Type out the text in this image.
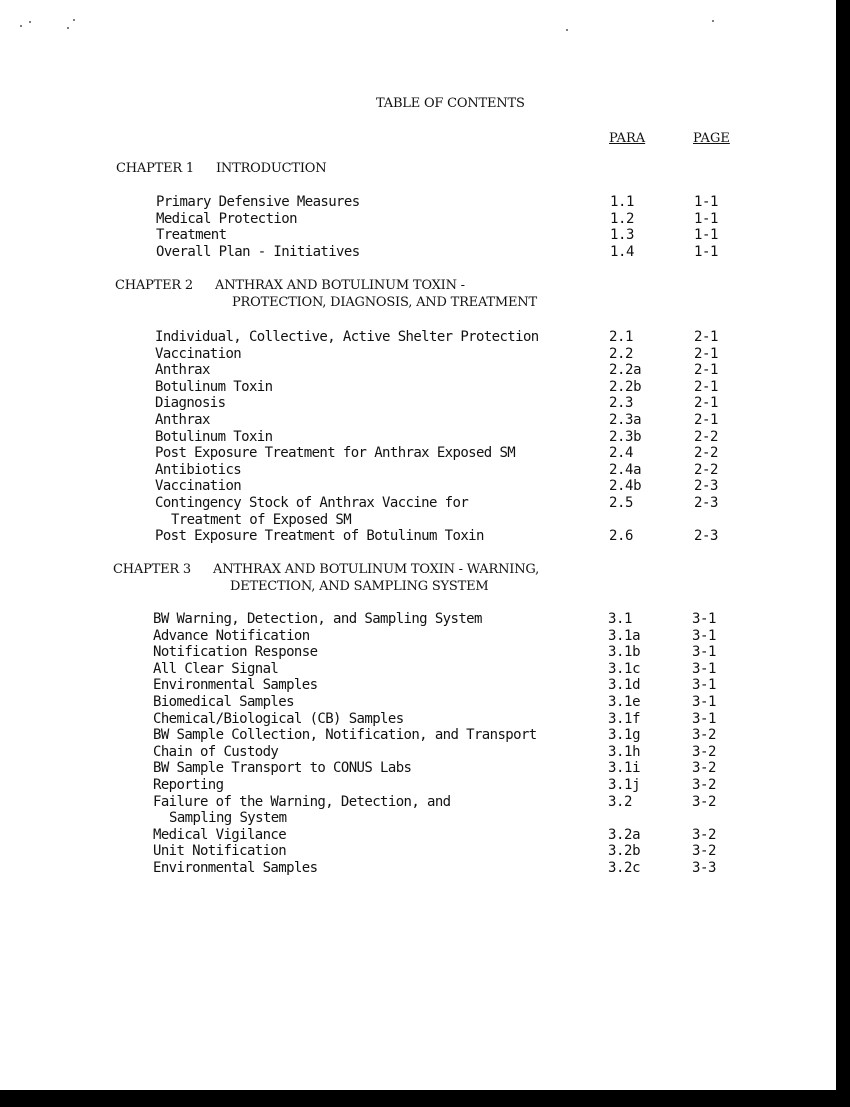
TABLE OF CONTENTS
PARA	PAGE
CHAPTER 1 INTRODUCTION
Primary Defensive Measures	1.1	1-1
Medical Protection	1.2	1-1
Treatment	1.3	1-1
Overall Plan - Initiatives	1.4	1-1
CHAPTER 2 ANTHRAX AND BOTULINUM TOXIN -
PROTECTION, DIAGNOSIS, AND TREATMENT
Individual, Collective, Active Shelter Protection	2.1	2-1
Vaccination	2.2	2-1
Anthrax	2.2a	2-1
Botulinum Toxin	2.2b	2-1
Diagnosis	2.3	2-1
Anthrax	2.3a	2-1
Botulinum Toxin	2.3b	2-2
Post Exposure Treatment for Anthrax Exposed SM	2.4	2-2
Antibiotics	2.4a	2-2
Vaccination	2.4b	2-3
Contingency Stock of Anthrax Vaccine for	2.5	2-3
Treatment of Exposed SM
Post Exposure Treatment of Botulinum Toxin	2.6	2-3
CHAPTER 3 ANTHRAX AND BOTULINUM TOXIN - WARNING,
DETECTION, AND SAMPLING SYSTEM
BW Warning, Detection, and Sampling System	3.1	3-1
Advance Notification	3.1a	3-1
Notification Response	3.1b	3-1
All Clear Signal	3.1c	3-1
Environmental Samples	3.1d	3-1
Biomedical Samples	3.1e	3-1
Chemical/Biological (CB) Samples	3.1f	3-1
BW Sample Collection, Notification, and Transport	3.1g	3-2
Chain of Custody	3.1h	3-2
BW Sample Transport to CONUS Labs	3.1i	3-2
Reporting	3.1j	3-2
Failure of the Warning, Detection, and	3.2	3-2
Sampling System
Medical Vigilance	3.2a	3-2
Unit Notification	3.2b	3-2
Environmental Samples	3.2c	3-3
